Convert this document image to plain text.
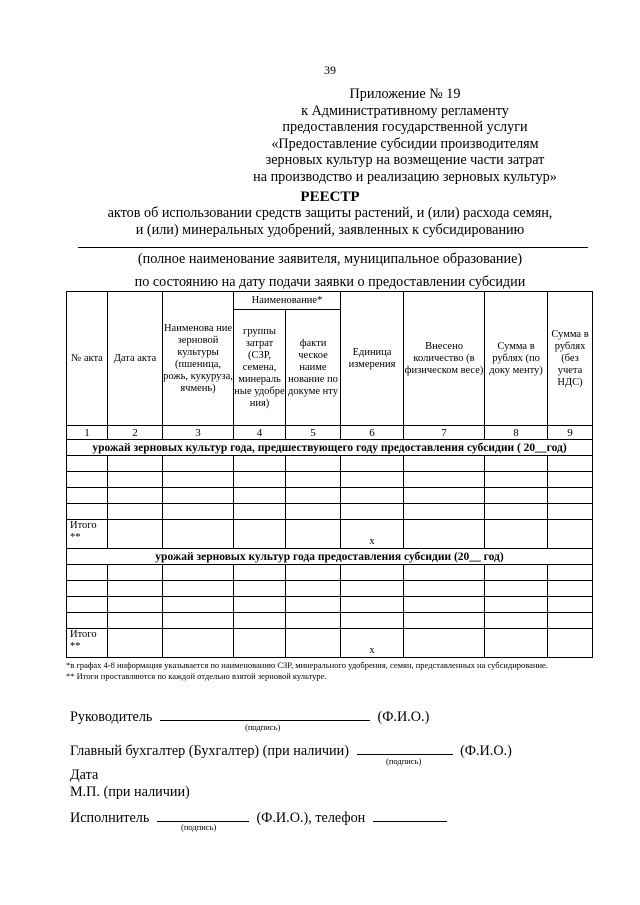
39
Приложение № 19
к Административному регламенту
предоставления государственной услуги
«Предоставление субсидии производителям
зерновых культур на возмещение части затрат
на производство и реализацию зерновых культур»
РЕЕСТР
актов об использовании средств защиты растений, и (или) расхода семян,
и (или) минеральных удобрений, заявленных к субсидированию
(полное наименование заявителя, муниципальное образование)
по состоянию на дату подачи заявки о предоставлении субсидии
№ акта	Дата акта	Наименова ние зерновой культуры (пшеница, рожь, кукуруза, ячмень)	Наименование*		Единица измерения	Внесено количество (в физическом весе)	Сумма в рублях (по доку менту)	Сумма в рублях (без учета НДС)
			группы затрат (СЗР, семена, минераль ные удобре ния)	факти ческое наиме нование по докуме нту				
1	2	3	4	5	6	7	8	9
урожай зерновых культур года, предшествующего году предоставления субсидии ( 20__год)								

Итого **					х			
урожай зерновых культур года предоставления субсидии (20__ год)								

Итого **					х			
*в графах 4-8 информация указывается по наименованию СЗР, минерального удобрения, семян, представленных на субсидирование.
** Итоги проставляются по каждой отдельно взятой зерновой культуре.
Руководитель	(Ф.И.О.)
(подпись)
Главный бухгалтер (Бухгалтер) (при наличии)	(Ф.И.О.)
(подпись)
Дата
М.П. (при наличии)
Исполнитель	(Ф.И.О.), телефон
(подпись)
